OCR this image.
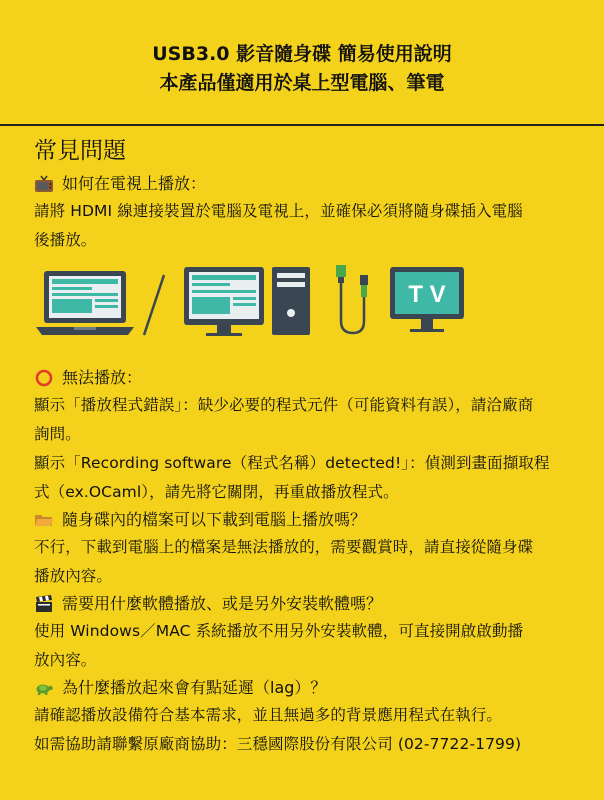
USB3.0 影音隨身碟 簡易使用說明
本產品僅適用於桌上型電腦、筆電
常見問題
如何在電視上播放：
請將 HDMI 線連接裝置於電腦及電視上，並確保必須將隨身碟插入電腦
後播放。
T V
無法播放：
顯示「播放程式錯誤」：缺少必要的程式元件（可能資料有誤），請洽廠商
詢問。
顯示「Recording software（程式名稱）detected!」：偵測到畫面擷取程
式（ex.OCaml），請先將它關閉，再重啟播放程式。
隨身碟內的檔案可以下載到電腦上播放嗎？
不行，下載到電腦上的檔案是無法播放的，需要觀賞時，請直接從隨身碟
播放內容。
需要用什麼軟體播放、或是另外安裝軟體嗎？
使用 Windows／MAC 系統播放不用另外安裝軟體，可直接開啟啟動播
放內容。
為什麼播放起來會有點延遲（lag）？
請確認播放設備符合基本需求，並且無過多的背景應用程式在執行。
如需協助請聯繫原廠商協助：三穩國際股份有限公司 (02-7722-1799)
